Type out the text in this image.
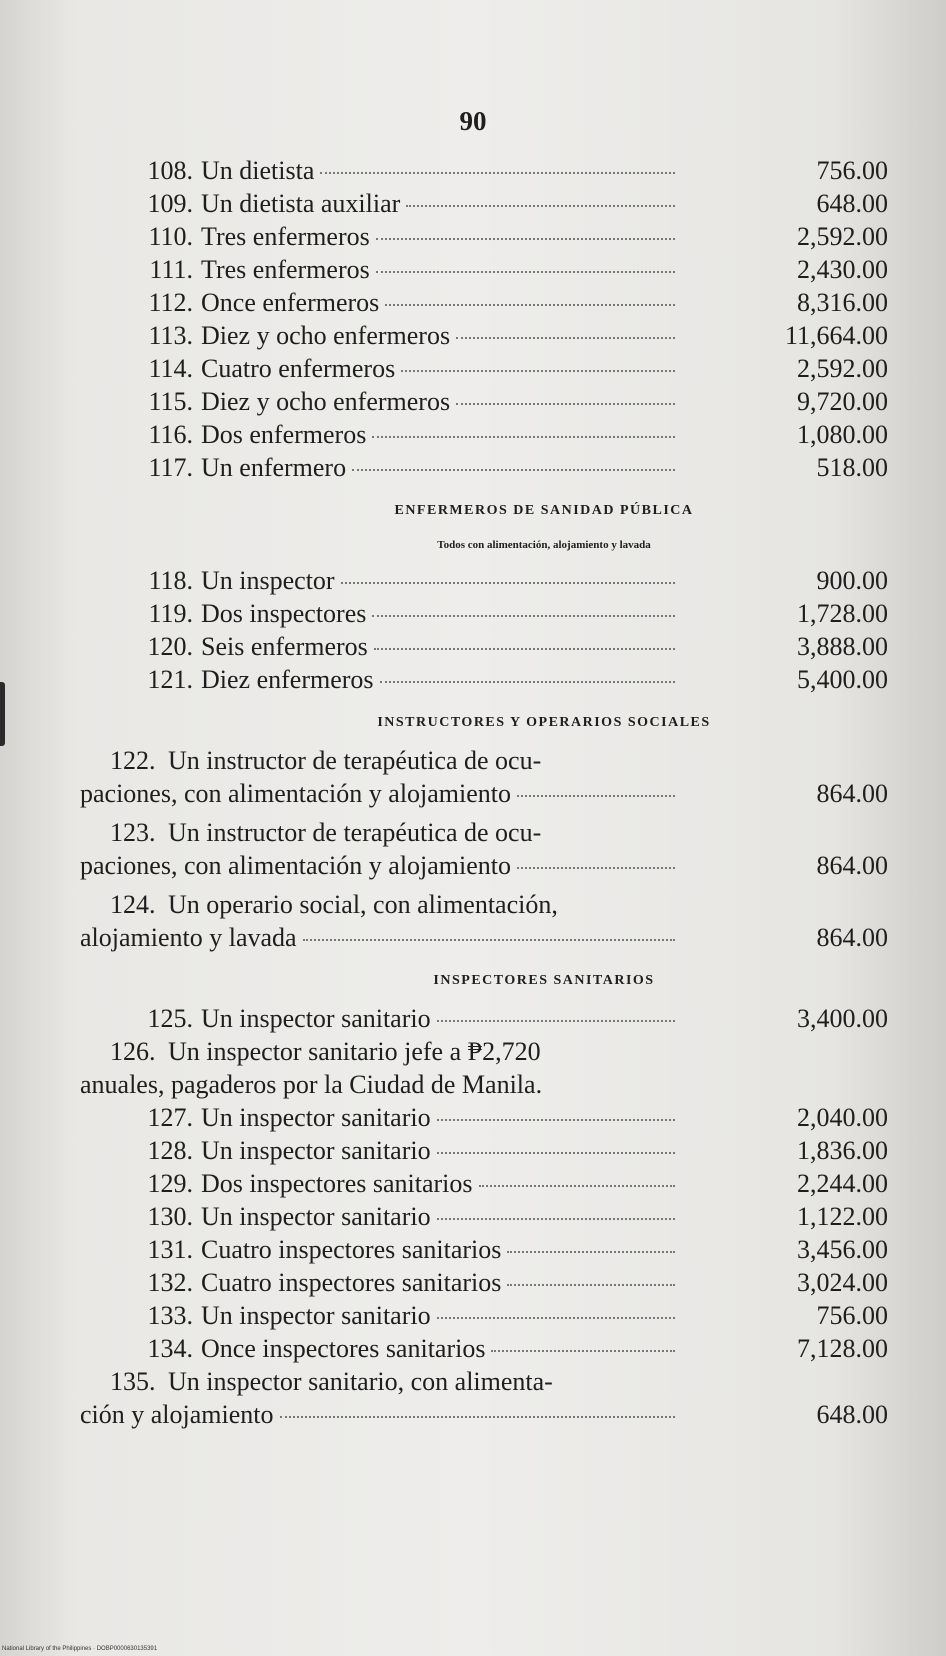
90
108. Un dietista	756.00
109. Un dietista auxiliar	648.00
110. Tres enfermeros	2,592.00
111. Tres enfermeros	2,430.00
112. Once enfermeros	8,316.00
113. Diez y ocho enfermeros	11,664.00
114. Cuatro enfermeros	2,592.00
115. Diez y ocho enfermeros	9,720.00
116. Dos enfermeros	1,080.00
117. Un enfermero	518.00
ENFERMEROS DE SANIDAD PÚBLICA
Todos con alimentación, alojamiento y lavada
118. Un inspector	900.00
119. Dos inspectores	1,728.00
120. Seis enfermeros	3,888.00
121. Diez enfermeros	5,400.00
INSTRUCTORES Y OPERARIOS SOCIALES
122. Un instructor de terapéutica de ocu-
paciones, con alimentación y alojamiento	864.00
123. Un instructor de terapéutica de ocu-
paciones, con alimentación y alojamiento	864.00
124. Un operario social, con alimentación,
alojamiento y lavada	864.00
INSPECTORES SANITARIOS
125. Un inspector sanitario	3,400.00
126. Un inspector sanitario jefe a ₱2,720
anuales, pagaderos por la Ciudad de Manila.
127. Un inspector sanitario	2,040.00
128. Un inspector sanitario	1,836.00
129. Dos inspectores sanitarios	2,244.00
130. Un inspector sanitario	1,122.00
131. Cuatro inspectores sanitarios	3,456.00
132. Cuatro inspectores sanitarios	3,024.00
133. Un inspector sanitario	756.00
134. Once inspectores sanitarios	7,128.00
135. Un inspector sanitario, con alimenta-
ción y alojamiento	648.00
National Library of the Philippines · DOBP0000630135391
